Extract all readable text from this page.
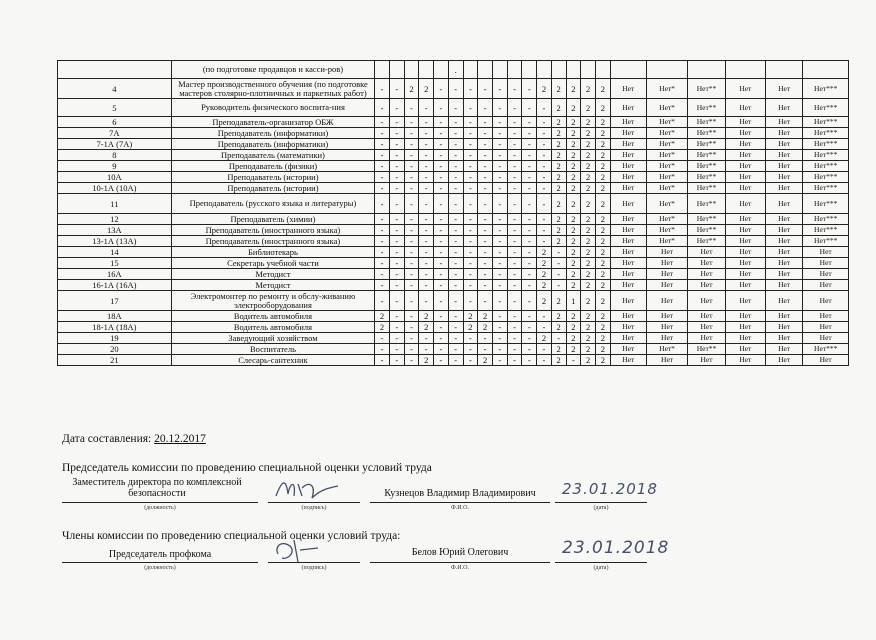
	(по подготовке продавцов и касси-ров)						.																
4	Мастер производственного обучения (по подготовке мастеров столярно-плотничных и паркетных работ)	-	-	2	2	-	-	-	-	-	-	-	2	2	2	2	2	Нет	Нет*	Нет**	Нет	Нет	Нет***
5	Руководитель физического воспита-ния	-	-	-	-	-	-	-	-	-	-	-	-	2	2	2	2	Нет	Нет*	Нет**	Нет	Нет	Нет***
6	Преподаватель-организатор ОБЖ	-	-	-	-	-	-	-	-	-	-	-	-	2	2	2	2	Нет	Нет*	Нет**	Нет	Нет	Нет***
7А	Преподаватель (информатики)	-	-	-	-	-	-	-	-	-	-	-	-	2	2	2	2	Нет	Нет*	Нет**	Нет	Нет	Нет***
7-1А (7А)	Преподаватель (информатики)	-	-	-	-	-	-	-	-	-	-	-	-	2	2	2	2	Нет	Нет*	Нет**	Нет	Нет	Нет***
8	Преподаватель (математики)	-	-	-	-	-	-	-	-	-	-	-	-	2	2	2	2	Нет	Нет*	Нет**	Нет	Нет	Нет***
9	Преподаватель (физики)	-	-	-	-	-	-	-	-	-	-	-	-	2	2	2	2	Нет	Нет*	Нет**	Нет	Нет	Нет***
10А	Преподаватель (истории)	-	-	-	-	-	-	-	-	-	-	-	-	2	2	2	2	Нет	Нет*	Нет**	Нет	Нет	Нет***
10-1А (10А)	Преподаватель (истории)	-	-	-	-	-	-	-	-	-	-	-	-	2	2	2	2	Нет	Нет*	Нет**	Нет	Нет	Нет***
11	Преподаватель (русского языка и литературы)	-	-	-	-	-	-	-	-	-	-	-	-	2	2	2	2	Нет	Нет*	Нет**	Нет	Нет	Нет***
12	Преподаватель (химии)	-	-	-	-	-	-	-	-	-	-	-	-	2	2	2	2	Нет	Нет*	Нет**	Нет	Нет	Нет***
13А	Преподаватель (иностранного языка)	-	-	-	-	-	-	-	-	-	-	-	-	2	2	2	2	Нет	Нет*	Нет**	Нет	Нет	Нет***
13-1А (13А)	Преподаватель (иностранного языка)	-	-	-	-	-	-	-	-	-	-	-	-	2	2	2	2	Нет	Нет*	Нет**	Нет	Нет	Нет***
14	Библиотекарь	-	-	-	-	-	-	-	-	-	-	-	2	-	2	2	2	Нет	Нет	Нет	Нет	Нет	Нет
15	Секретарь учебной части	-	-	-	-	-	-	-	-	-	-	-	2	-	2	2	2	Нет	Нет	Нет	Нет	Нет	Нет
16А	Методист	-	-	-	-	-	-	-	-	-	-	-	2	-	2	2	2	Нет	Нет	Нет	Нет	Нет	Нет
16-1А (16А)	Методист	-	-	-	-	-	-	-	-	-	-	-	2	-	2	2	2	Нет	Нет	Нет	Нет	Нет	Нет
17	Электромонтер по ремонту и обслу-живанию электрооборудования	-	-	-	-	-	-	-	-	-	-	-	2	2	1	2	2	Нет	Нет	Нет	Нет	Нет	Нет
18А	Водитель автомобиля	2	-	-	2	-	-	2	2	-	-	-	-	2	2	2	2	Нет	Нет	Нет	Нет	Нет	Нет
18-1А (18А)	Водитель автомобиля	2	-	-	2	-	-	2	2	-	-	-	-	2	2	2	2	Нет	Нет	Нет	Нет	Нет	Нет
19	Заведующий хозяйством	-	-	-	-	-	-	-	-	-	-	-	2	-	2	2	2	Нет	Нет	Нет	Нет	Нет	Нет
20	Воспитатель	-	-	-	-	-	-	-	-	-	-	-	-	2	2	2	2	Нет	Нет*	Нет**	Нет	Нет	Нет***
21	Слесарь-сантехник	-	-	-	2	-	-	-	2	-	-	-	-	2	-	2	2	Нет	Нет	Нет	Нет	Нет	Нет
Дата составления: 20.12.2017
Председатель комиссии по проведению специальной оценки условий труда
Заместитель директора по комплексной безопасности
(должность)	(подпись)
Кузнецов Владимир Владимирович
Ф.И.О.
23.01.2018
(дата)
Члены комиссии по проведению специальной оценки условий труда:
Председатель профкома
(должность)	(подпись)
Белов Юрий Олегович
Ф.И.О.
23.01.2018
(дата)
